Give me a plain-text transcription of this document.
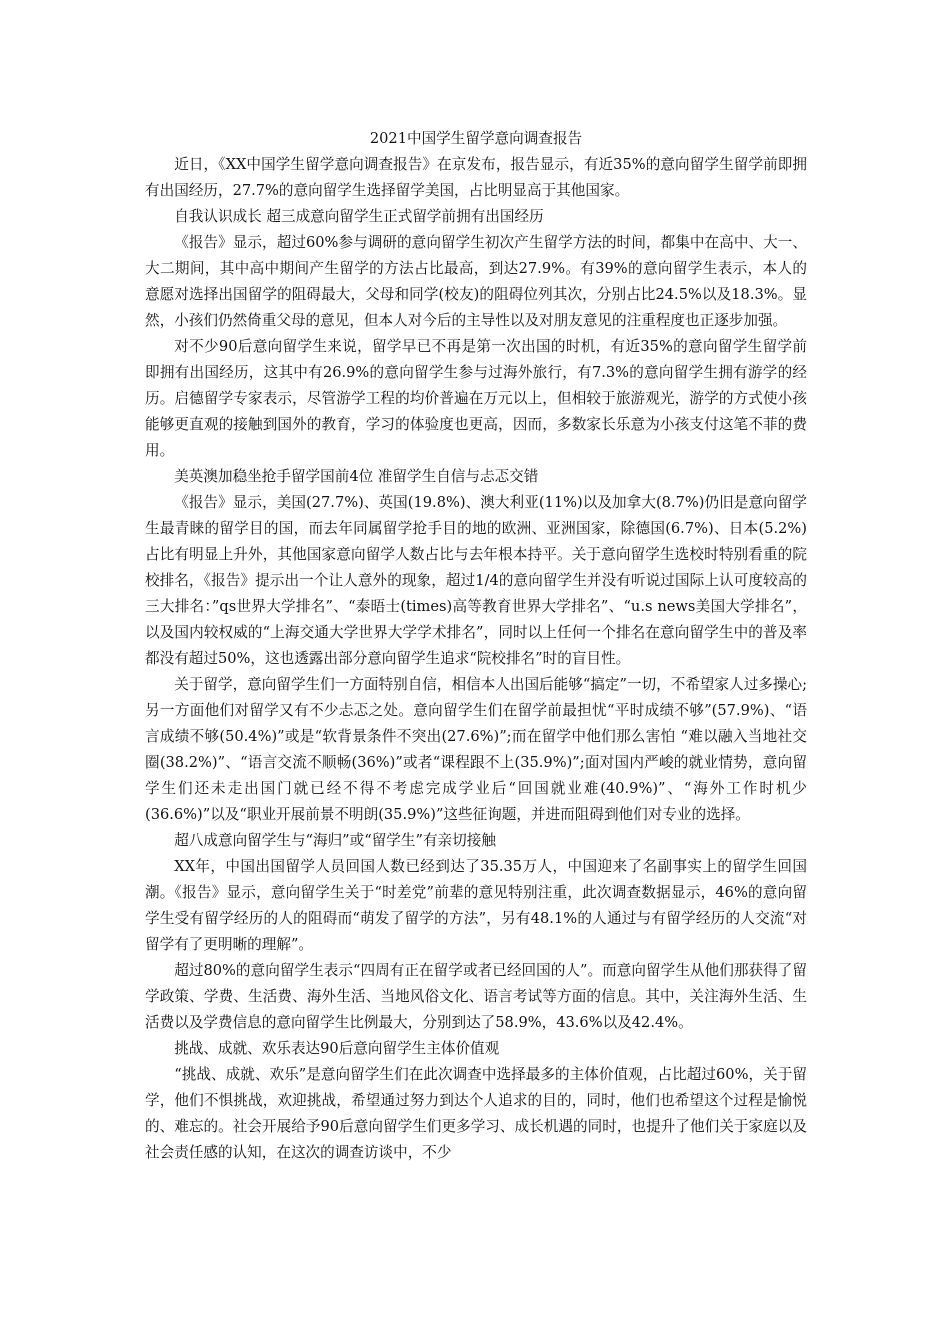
2021中国学生留学意向调查报告

近日，《XX中国学生留学意向调查报告》在京发布，报告显示，有近35%的意向留学生留学前即拥有出国经历，27.7%的意向留学生选择留学美国，占比明显高于其他国家。

自我认识成长 超三成意向留学生正式留学前拥有出国经历

《报告》显示，超过60%参与调研的意向留学生初次产生留学方法的时间，都集中在高中、大一、大二期间，其中高中期间产生留学的方法占比最高，到达27.9%。有39%的意向留学生表示，本人的意愿对选择出国留学的阻碍最大，父母和同学(校友)的阻碍位列其次，分别占比24.5%以及18.3%。显然，小孩们仍然倚重父母的意见，但本人对今后的主导性以及对朋友意见的注重程度也正逐步加强。

对不少90后意向留学生来说，留学早已不再是第一次出国的时机，有近35%的意向留学生留学前即拥有出国经历，这其中有26.9%的意向留学生参与过海外旅行，有7.3%的意向留学生拥有游学的经历。启德留学专家表示，尽管游学工程的均价普遍在万元以上，但相较于旅游观光，游学的方式使小孩能够更直观的接触到国外的教育，学习的体验度也更高，因而，多数家长乐意为小孩支付这笔不菲的费用。

美英澳加稳坐抢手留学国前4位 准留学生自信与忐忑交错

《报告》显示，美国(27.7%)、英国(19.8%)、澳大利亚(11%)以及加拿大(8.7%)仍旧是意向留学生最青睐的留学目的国，而去年同属留学抢手目的地的欧洲、亚洲国家，除德国(6.7%)、日本(5.2%)占比有明显上升外，其他国家意向留学人数占比与去年根本持平。关于意向留学生选校时特别看重的院校排名，《报告》提示出一个让人意外的现象，超过1/4的意向留学生并没有听说过国际上认可度较高的三大排名：”qs世界大学排名”、“泰晤士(times)高等教育世界大学排名”、“u.s news美国大学排名”，以及国内较权威的“上海交通大学世界大学学术排名”，同时以上任何一个排名在意向留学生中的普及率都没有超过50%，这也透露出部分意向留学生追求“院校排名”时的盲目性。

关于留学，意向留学生们一方面特别自信，相信本人出国后能够“搞定”一切，不希望家人过多操心;另一方面他们对留学又有不少忐忑之处。意向留学生们在留学前最担忧“平时成绩不够”(57.9%)、“语言成绩不够(50.4%)”或是“软背景条件不突出(27.6%)”;而在留学中他们那么害怕 “难以融入当地社交圈(38.2%)”、“语言交流不顺畅(36%)”或者“课程跟不上(35.9%)”;面对国内严峻的就业情势，意向留学生们还未走出国门就已经不得不考虑完成学业后“回国就业难(40.9%)”、“海外工作时机少(36.6%)”以及“职业开展前景不明朗(35.9%)”这些征询题，并进而阻碍到他们对专业的选择。

超八成意向留学生与“海归”或“留学生”有亲切接触

XX年，中国出国留学人员回国人数已经到达了35.35万人，中国迎来了名副事实上的留学生回国潮。《报告》显示，意向留学生关于“时差党”前辈的意见特别注重，此次调查数据显示，46%的意向留学生受有留学经历的人的阻碍而“萌发了留学的方法”，另有48.1%的人通过与有留学经历的人交流“对留学有了更明晰的理解”。

超过80%的意向留学生表示“四周有正在留学或者已经回国的人”。而意向留学生从他们那获得了留学政策、学费、生活费、海外生活、当地风俗文化、语言考试等方面的信息。其中，关注海外生活、生活费以及学费信息的意向留学生比例最大，分别到达了58.9%，43.6%以及42.4%。

挑战、成就、欢乐表达90后意向留学生主体价值观

“挑战、成就、欢乐”是意向留学生们在此次调查中选择最多的主体价值观，占比超过60%，关于留学，他们不惧挑战，欢迎挑战，希望通过努力到达个人追求的目的，同时，他们也希望这个过程是愉悦的、难忘的。社会开展给予90后意向留学生们更多学习、成长机遇的同时，也提升了他们关于家庭以及社会责任感的认知，在这次的调查访谈中，不少
